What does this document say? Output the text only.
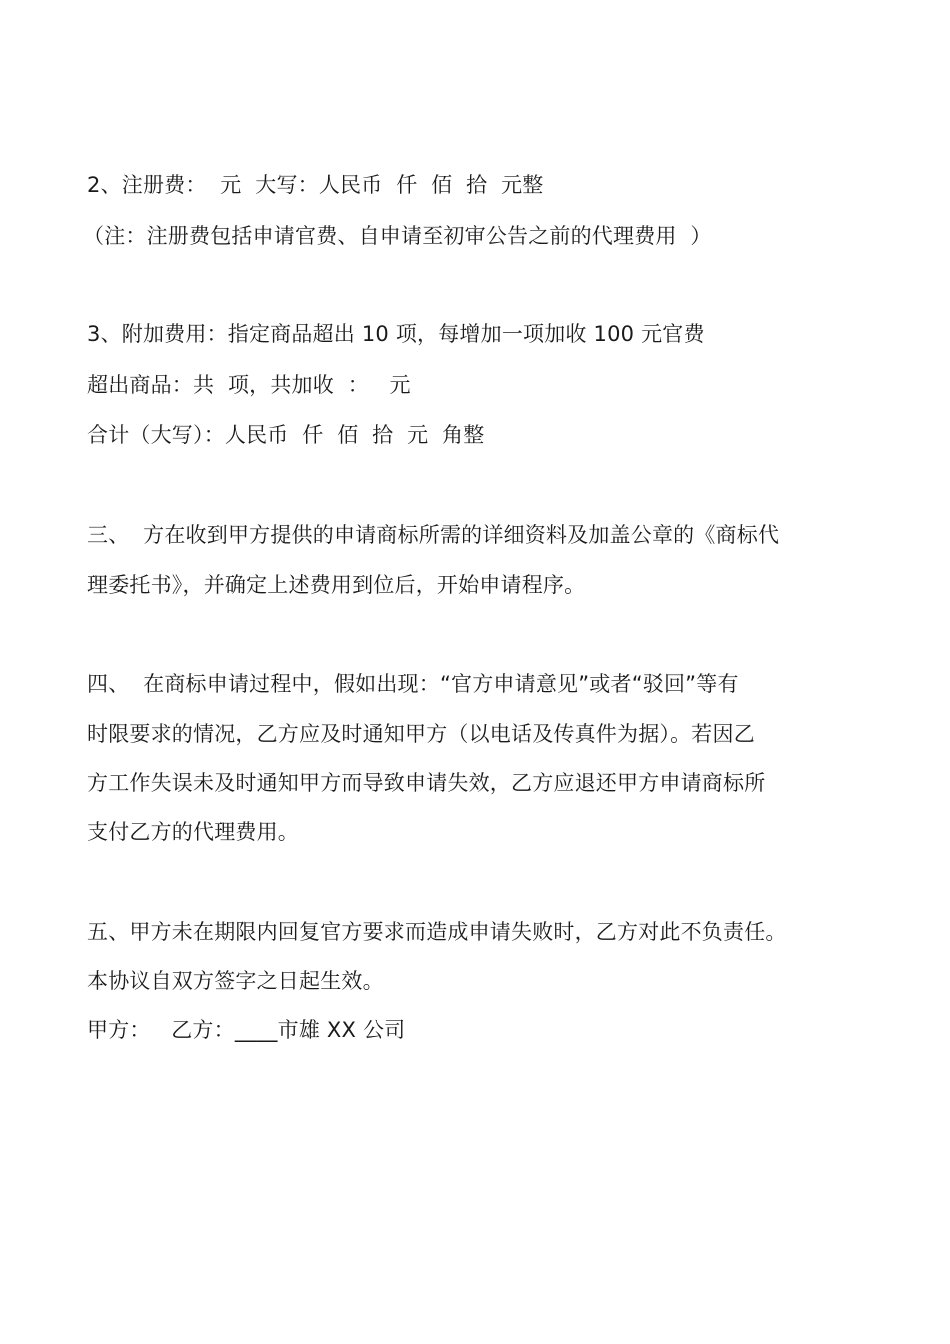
2、注册费：  元  大写：人民币  仟  佰  拾  元整
（注：注册费包括申请官费、自申请至初审公告之前的代理费用  ）
3、附加费用：指定商品超出 10 项，每增加一项加收 100 元官费
超出商品：共  项，共加收  ：   元
合计（大写）：人民币  仟  佰  拾  元  角整
三、  方在收到甲方提供的申请商标所需的详细资料及加盖公章的《商标代
理委托书》，并确定上述费用到位后，开始申请程序。
四、  在商标申请过程中，假如出现：“官方申请意见”或者“驳回”等有
时限要求的情况，乙方应及时通知甲方（以电话及传真件为据）。若因乙
方工作失误未及时通知甲方而导致申请失效，乙方应退还甲方申请商标所
支付乙方的代理费用。
五、甲方未在期限内回复官方要求而造成申请失败时，乙方对此不负责任。
本协议自双方签字之日起生效。
甲方：   乙方：____市雄 XX 公司
